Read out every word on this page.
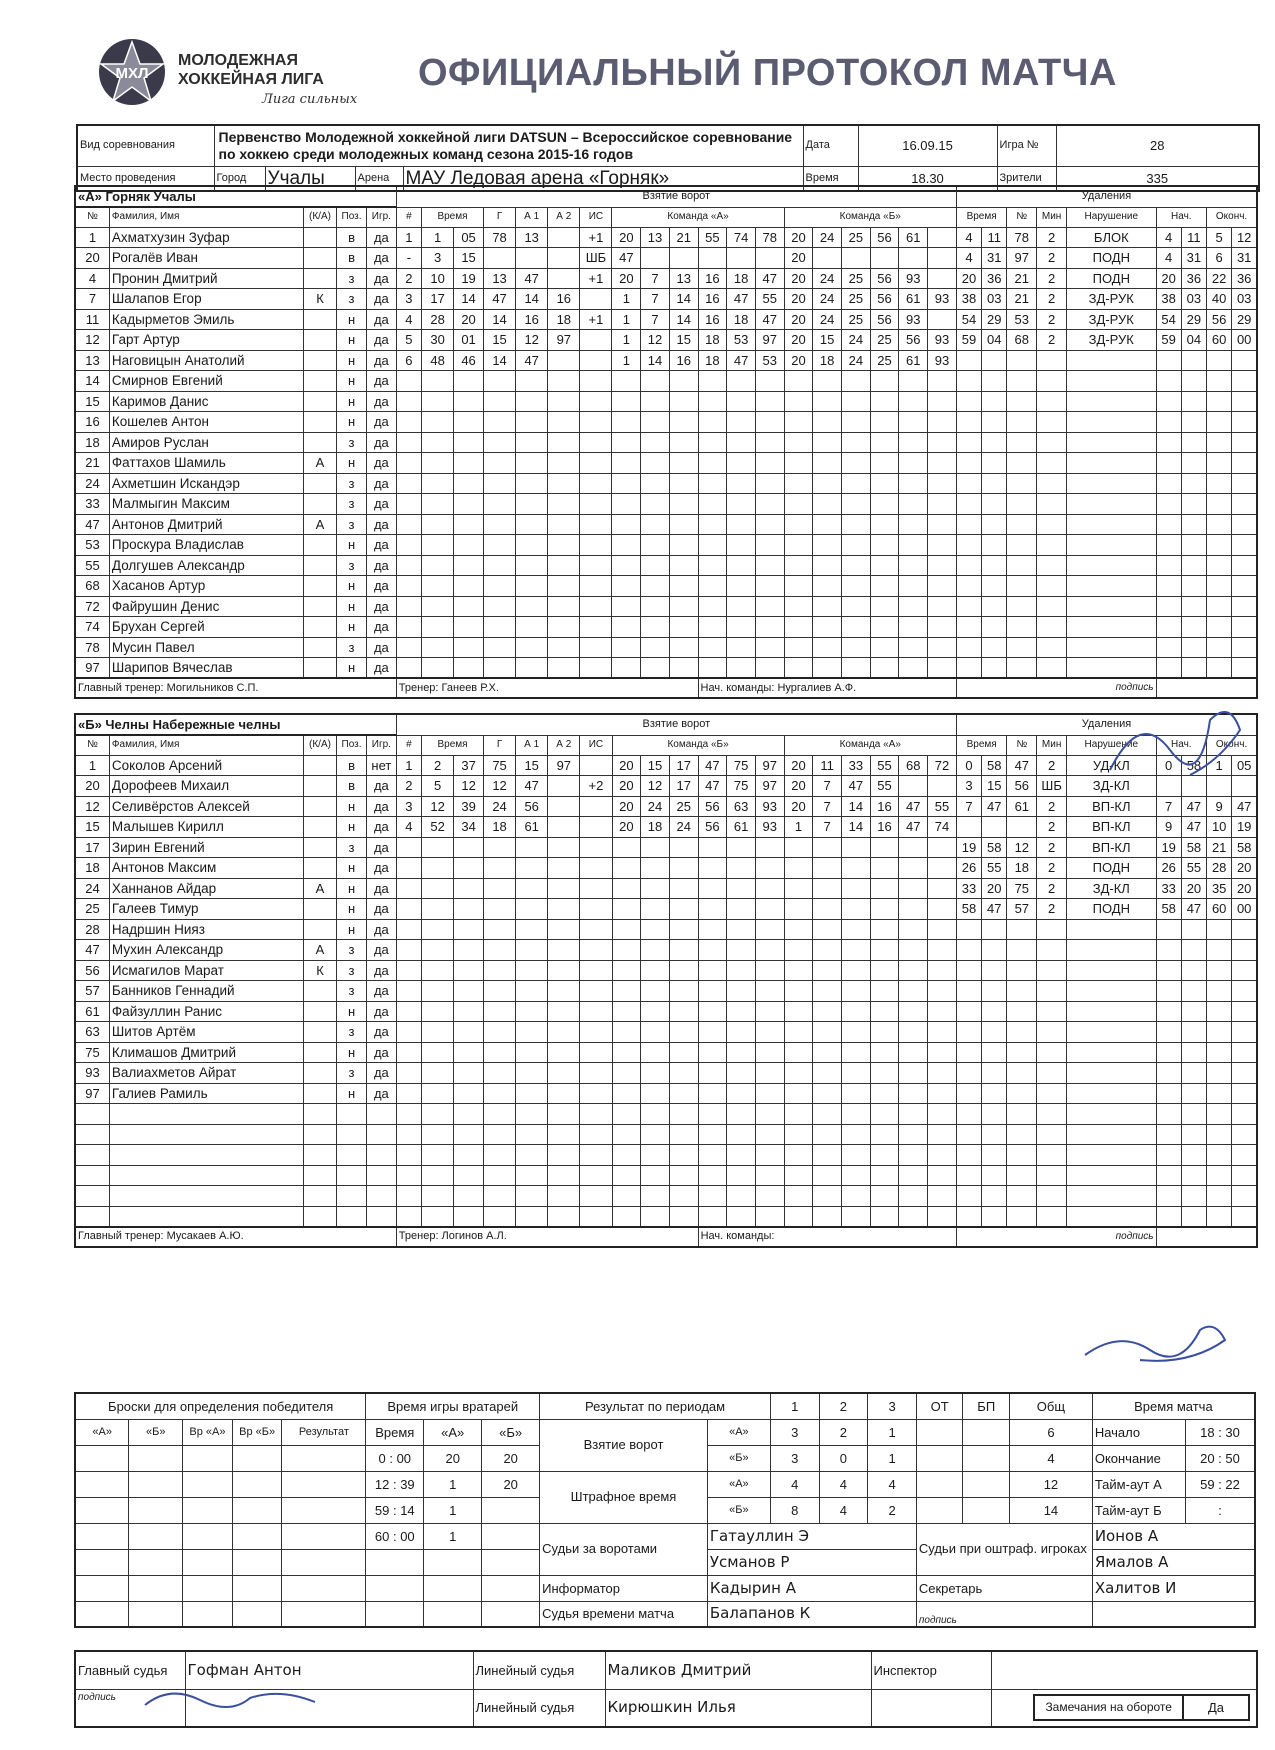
МХЛ
МОЛОДЕЖНАЯ
ХОККЕЙНАЯ ЛИГА
Лига сильных
ОФИЦИАЛЬНЫЙ ПРОТОКОЛ МАТЧА
Вид соревнования	Первенство Молодежной хоккейной лиги DATSUN – Всероссийское соревнование по хоккею среди молодежных команд сезона 2015-16 годов				Дата	16.09.15	Игра №	28
Место проведения	Город	Учалы	Арена	МАУ Ледовая арена «Горняк»	Время	18.30	Зрители	335
«А» Горняк Учалы					Взятие ворот																			Удаления								
№	Фамилия, Имя	(К/А)	Поз.	Игр.	#	Время		Г	А 1	А 2	ИС	Команда «А»						Команда «Б»						Время		№	Мин	Нарушение	Нач.		Оконч.	
1	Ахматхузин Зуфар		в	да	1	1	05	78	13		+1	20	13	21	55	74	78	20	24	25	56	61		4	11	78	2	БЛОК	4	11	5	12
20	Рогалёв Иван		в	да	-	3	15				ШБ	47						20						4	31	97	2	ПОДН	4	31	6	31
4	Пронин Дмитрий		з	да	2	10	19	13	47		+1	20	7	13	16	18	47	20	24	25	56	93		20	36	21	2	ПОДН	20	36	22	36
7	Шалапов Егор	К	з	да	3	17	14	47	14	16		1	7	14	16	47	55	20	24	25	56	61	93	38	03	21	2	ЗД-РУК	38	03	40	03
11	Кадырметов Эмиль		н	да	4	28	20	14	16	18	+1	1	7	14	16	18	47	20	24	25	56	93		54	29	53	2	ЗД-РУК	54	29	56	29
12	Гарт Артур		н	да	5	30	01	15	12	97		1	12	15	18	53	97	20	15	24	25	56	93	59	04	68	2	ЗД-РУК	59	04	60	00
13	Наговицын Анатолий		н	да	6	48	46	14	47			1	14	16	18	47	53	20	18	24	25	61	93									
14	Смирнов Евгений		н	да																												
15	Каримов Данис		н	да																												
16	Кошелев Антон		н	да																												
18	Амиров Руслан		з	да																												
21	Фаттахов Шамиль	А	н	да																												
24	Ахметшин Искандэр		з	да																												
33	Малмыгин Максим		з	да																												
47	Антонов Дмитрий	А	з	да																												
53	Проскура Владислав		н	да																												
55	Долгушев Александр		з	да																												
68	Хасанов Артур		н	да																												
72	Файрушин Денис		н	да																												
74	Брухан Сергей		н	да																												
78	Мусин Павел		з	да																												
97	Шарипов Вячеслав		н	да																												
Главный тренер: Могильников С.П.					Тренер: Ганеев Р.Х.										Нач. команды: Нургалиев А.Ф.									подпись								
«Б» Челны Набережные челны					Взятие ворот																			Удаления								
№	Фамилия, Имя	(К/А)	Поз.	Игр.	#	Время		Г	А 1	А 2	ИС	Команда «Б»						Команда «А»						Время		№	Мин	Нарушение	Нач.		Оконч.	
1	Соколов Арсений		в	нет	1	2	37	75	15	97		20	15	17	47	75	97	20	11	33	55	68	72	0	58	47	2	УД-КЛ	0	58	1	05
20	Дорофеев Михаил		в	да	2	5	12	12	47		+2	20	12	17	47	75	97	20	7	47	55			3	15	56	ШБ	ЗД-КЛ				
12	Селивёрстов Алексей		н	да	3	12	39	24	56			20	24	25	56	63	93	20	7	14	16	47	55	7	47	61	2	ВП-КЛ	7	47	9	47
15	Малышев Кирилл		н	да	4	52	34	18	61			20	18	24	56	61	93	1	7	14	16	47	74				2	ВП-КЛ	9	47	10	19
17	Зирин Евгений		з	да																				19	58	12	2	ВП-КЛ	19	58	21	58
18	Антонов Максим		н	да																				26	55	18	2	ПОДН	26	55	28	20
24	Ханнанов Айдар	А	н	да																				33	20	75	2	ЗД-КЛ	33	20	35	20
25	Галеев Тимур		н	да																				58	47	57	2	ПОДН	58	47	60	00
28	Надршин Нияз		н	да																												
47	Мухин Александр	А	з	да																												
56	Исмагилов Марат	К	з	да																												
57	Банников Геннадий		з	да																												
61	Файзуллин Ранис		н	да																												
63	Шитов Артём		з	да																												
75	Климашов Дмитрий		н	да																												
93	Валиахметов Айрат		з	да																												
97	Галиев Рамиль		н	да																												

Главный тренер: Мусакаев А.Ю.					Тренер: Логинов А.Л.										Нач. команды:									подпись								
Броски для определения победителя					Время игры вратарей			Результат по периодам		1	2	3	ОТ	БП	Общ	Время матча	
«А»	«Б»	Вр «А»	Вр «Б»	Результат	Время	«А»	«Б»	Взятие ворот	«А»	3	2	1			6	Начало	18 : 30
					0 : 00	20	20		«Б»	3	0	1			4	Окончание	20 : 50
					12 : 39	1	20	Штрафное время	«А»	4	4	4			12	Тайм-аут А	59 : 22
					59 : 14	1			«Б»	8	4	2			14	Тайм-аут Б	:
					60 : 00	1		Судьи за воротами	Гатауллин Э				Судьи при оштраф. игроках			Ионов А	
									Усманов Р							Ямалов А	
								Информатор	Кадырин А				Секретарь			Халитов И	
								Судья времени матча	Балапанов К				подпись				
Главный судья	Гофман Антон	Линейный судья	Маликов Дмитрий	Инспектор	
подпись		Линейный судья	Кирюшкин Илья		Замечания на обороте Да
